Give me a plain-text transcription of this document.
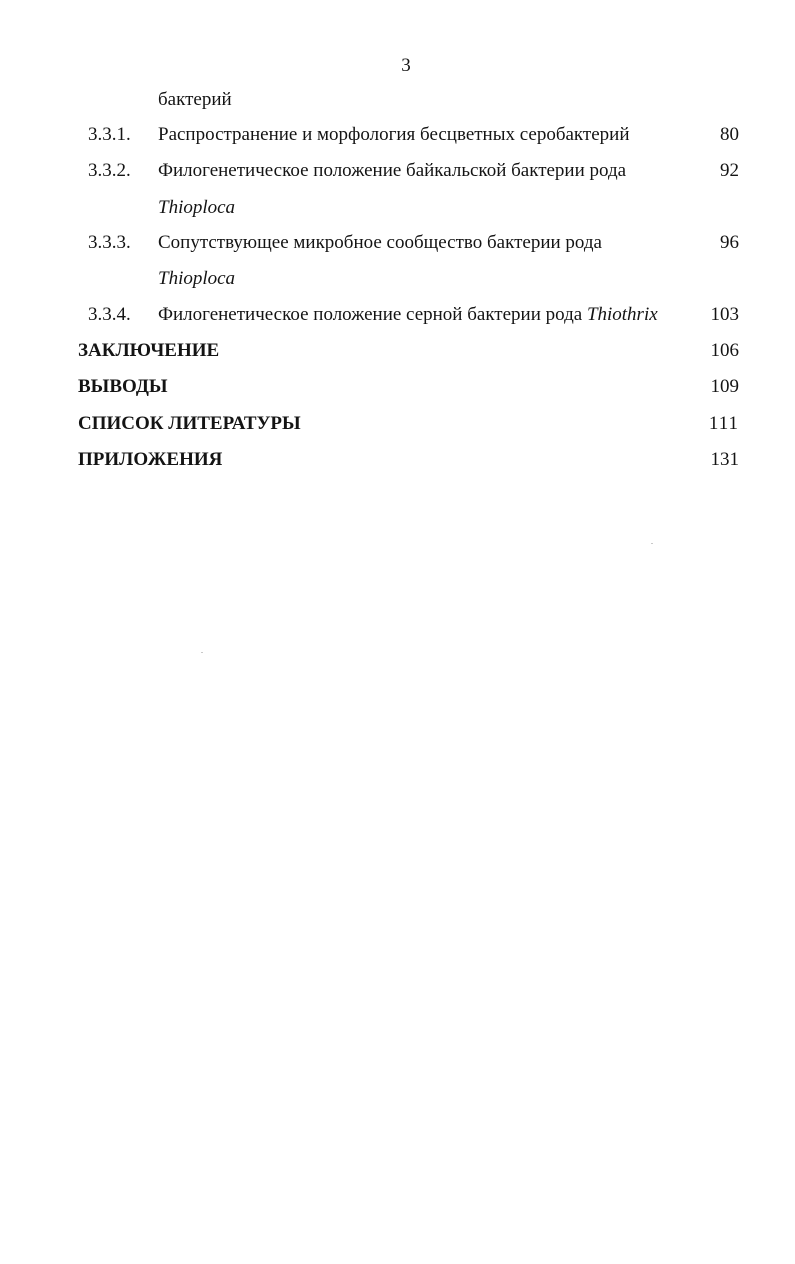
3
бактерий
3.3.1. Распространение и морфология бесцветных серобактерий	80
3.3.2. Филогенетическое положение байкальской бактерии рода	92
Thioploca
3.3.3. Сопутствующее микробное сообщество бактерии рода	96
Thioploca
3.3.4. Филогенетическое положение серной бактерии рода Thiothrix	103
ЗАКЛЮЧЕНИЕ	106
ВЫВОДЫ	109
СПИСОК ЛИТЕРАТУРЫ	111
ПРИЛОЖЕНИЯ	131
